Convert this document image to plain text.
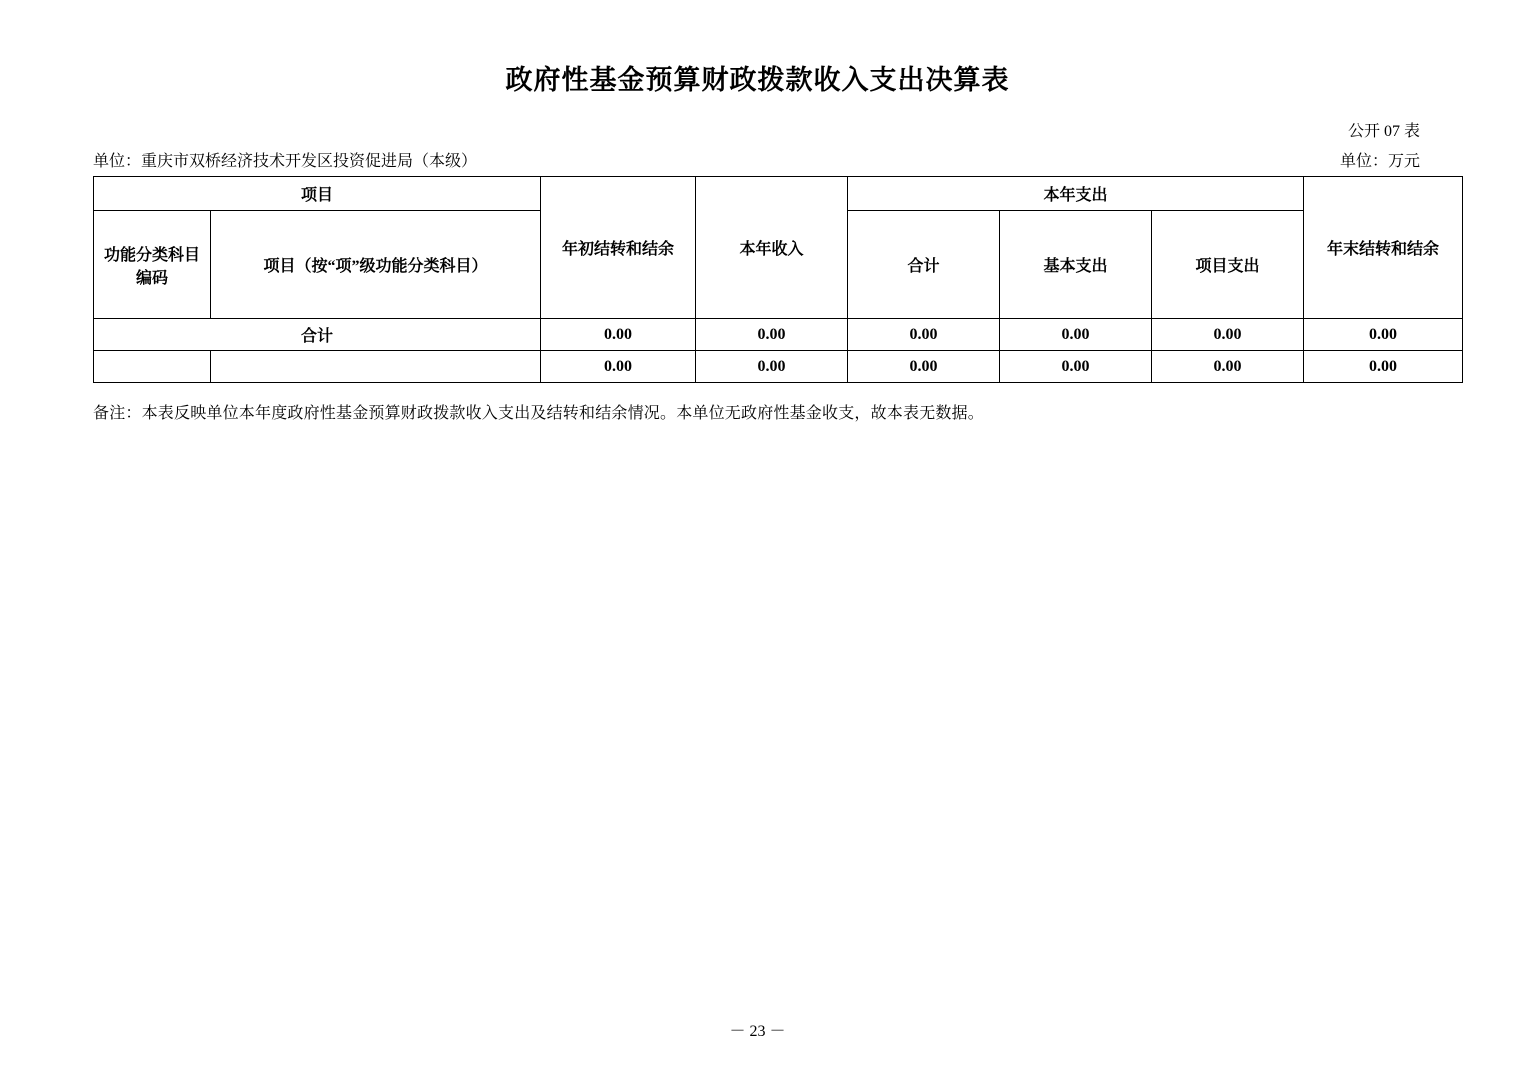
政府性基金预算财政拨款收入支出决算表
公开 07 表
单位：重庆市双桥经济技术开发区投资促进局（本级）	单位：万元
项目		年初结转和结余	本年收入	本年支出			年末结转和结余

功能分类科目
编码	项目（按“项”级功能分类科目）			合计	基本支出	项目支出	
合计		0.00	0.00	0.00	0.00	0.00	0.00
		0.00	0.00	0.00	0.00	0.00	0.00
备注：本表反映单位本年度政府性基金预算财政拨款收入支出及结转和结余情况。本单位无政府性基金收支，故本表无数据。
－ 23 －
